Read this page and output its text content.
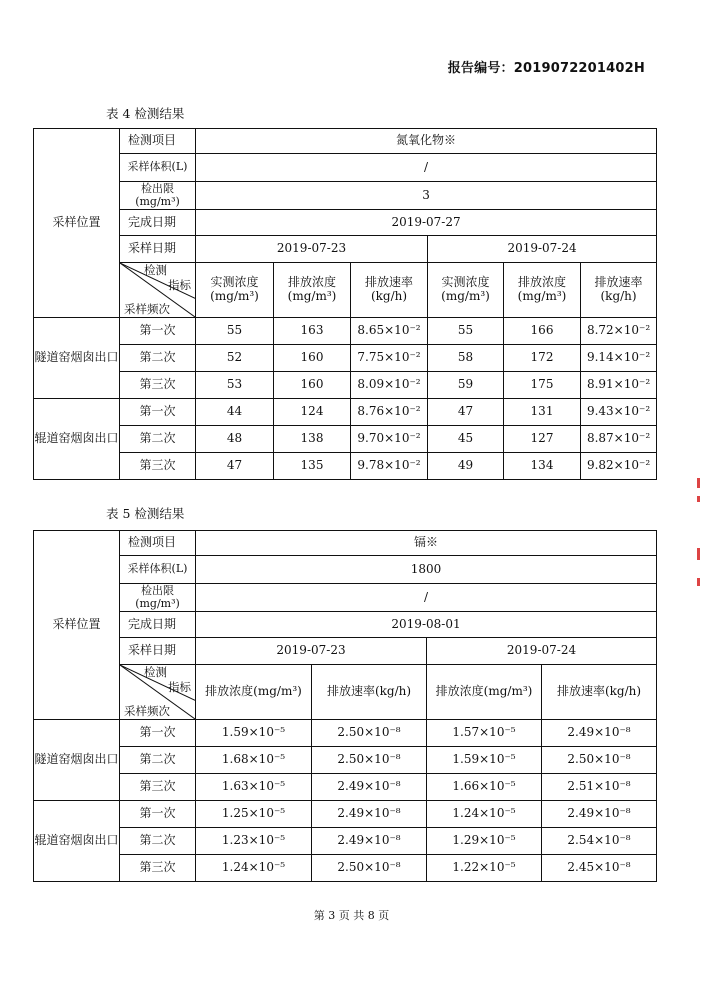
报告编号：2019072201402H
表 4 检测结果
采样位置	检测项目	氮氧化物※					
	采样体积(L)	/					
	检出限(mg/m³)	3					
	完成日期	2019-07-27					
	采样日期	2019-07-23			2019-07-24		

	检测
指标
采样频次	实测浓度(mg/m³)	排放浓度(mg/m³)	排放速率(kg/h)	实测浓度(mg/m³)	排放浓度(mg/m³)	排放速率(kg/h)
隧道窑烟囱出口	第一次	55	163	8.65×10⁻²	55	166	8.72×10⁻²
	第二次	52	160	7.75×10⁻²	58	172	9.14×10⁻²
	第三次	53	160	8.09×10⁻²	59	175	8.91×10⁻²
辊道窑烟囱出口	第一次	44	124	8.76×10⁻²	47	131	9.43×10⁻²
	第二次	48	138	9.70×10⁻²	45	127	8.87×10⁻²
	第三次	47	135	9.78×10⁻²	49	134	9.82×10⁻²
表 5 检测结果
采样位置	检测项目	镉※			
	采样体积(L)	1800			
	检出限(mg/m³)	/			
	完成日期	2019-08-01			
	采样日期	2019-07-23		2019-07-24	

	检测
指标
采样频次	排放浓度(mg/m³)	排放速率(kg/h)	排放浓度(mg/m³)	排放速率(kg/h)
隧道窑烟囱出口	第一次	1.59×10⁻⁵	2.50×10⁻⁸	1.57×10⁻⁵	2.49×10⁻⁸
	第二次	1.68×10⁻⁵	2.50×10⁻⁸	1.59×10⁻⁵	2.50×10⁻⁸
	第三次	1.63×10⁻⁵	2.49×10⁻⁸	1.66×10⁻⁵	2.51×10⁻⁸
辊道窑烟囱出口	第一次	1.25×10⁻⁵	2.49×10⁻⁸	1.24×10⁻⁵	2.49×10⁻⁸
	第二次	1.23×10⁻⁵	2.49×10⁻⁸	1.29×10⁻⁵	2.54×10⁻⁸
	第三次	1.24×10⁻⁵	2.50×10⁻⁸	1.22×10⁻⁵	2.45×10⁻⁸
第 3 页 共 8 页
